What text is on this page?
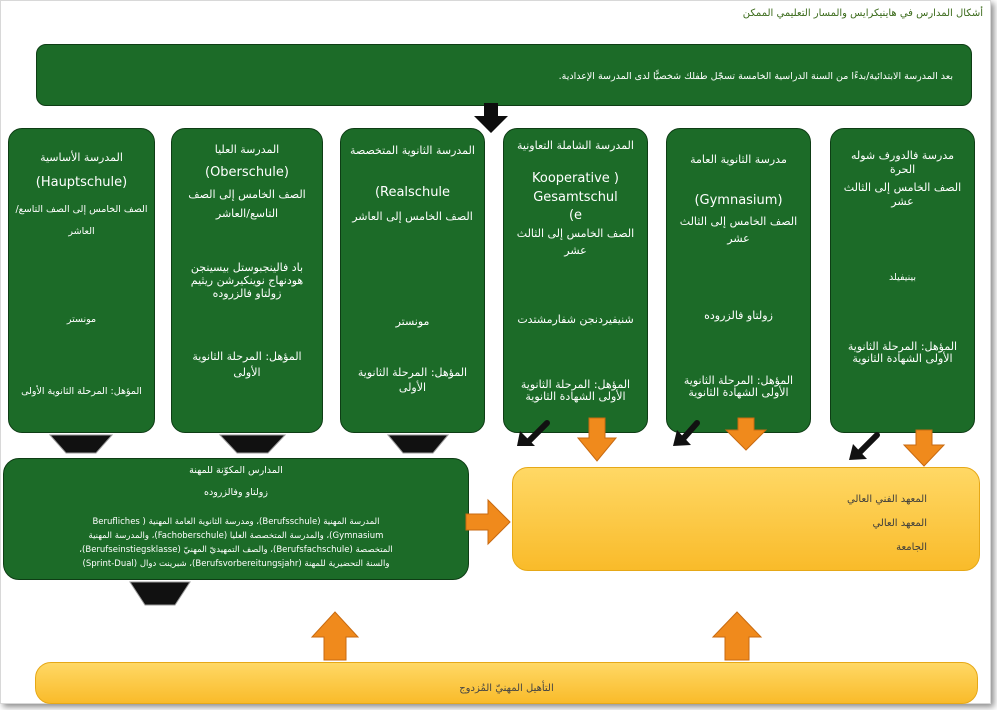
أشكال المدارس في هاينيكرايس والمسار التعليمي الممكن
بعد المدرسة الابتدائية/بدءًا من السنة الدراسية الخامسة تسجّل طفلك شخصيًّا لدى المدرسة الإعدادية.
مدرسة فالدورف شوله الحرة
الصف الخامس إلى الثالث عشر
بينيفيلد
المؤهل: المرحلة الثانوية الأولى الشهادة الثانوية
مدرسة الثانوية العامة
(Gymnasium)
الصف الخامس إلى الثالث عشر
زولتاو فالزروده
المؤهل: المرحلة الثانوية الأولى الشهادة الثانوية
المدرسة الشاملة التعاونية
Kooperative )
Gesamtschul
(e
الصف الخامس إلى الثالث عشر
شنيفيردنجن شفارمشتدت
المؤهل: المرحلة الثانوية الأولى الشهادة الثانوية
المدرسة الثانوية المتخصصة
(Realschule
الصف الخامس إلى العاشر
مونستر
المؤهل: المرحلة الثانوية الأولى
المدرسة العليا
(Oberschule)
الصف الخامس إلى الصف التاسع/العاشر
باد فالينجبوستل بيسينجن هودنهاج نوينكيرشن ريثيم زولتاو فالزروده
المؤهل: المرحلة الثانوية الأولى
المدرسة الأساسية
(Hauptschule)
الصف الخامس إلى الصف التاسع/العاشر
مونستر
المؤهل: المرحلة الثانوية الأولى
المدارس المكوّنة للمهنة
زولتاو وفالزروده
المدرسة المهنية (Berufsschule)، ومدرسة الثانوية العامة المهنية ( Berufliches
Gymnasium)، والمدرسة المتخصصة العليا (Fachoberschule)، والمدرسة المهنية
المتخصصة (Berufsfachschule)، والصف التمهيديّ المهنيّ (Berufseinstiegsklasse)،
والسنة التحضيرية للمهنة (Berufsvorbereitungsjahr)، شبرينت دوال (Sprint-Dual)
المعهد الفني العالي
المعهد العالي
الجامعة
التأهيل المهنيّ المُزدوج
